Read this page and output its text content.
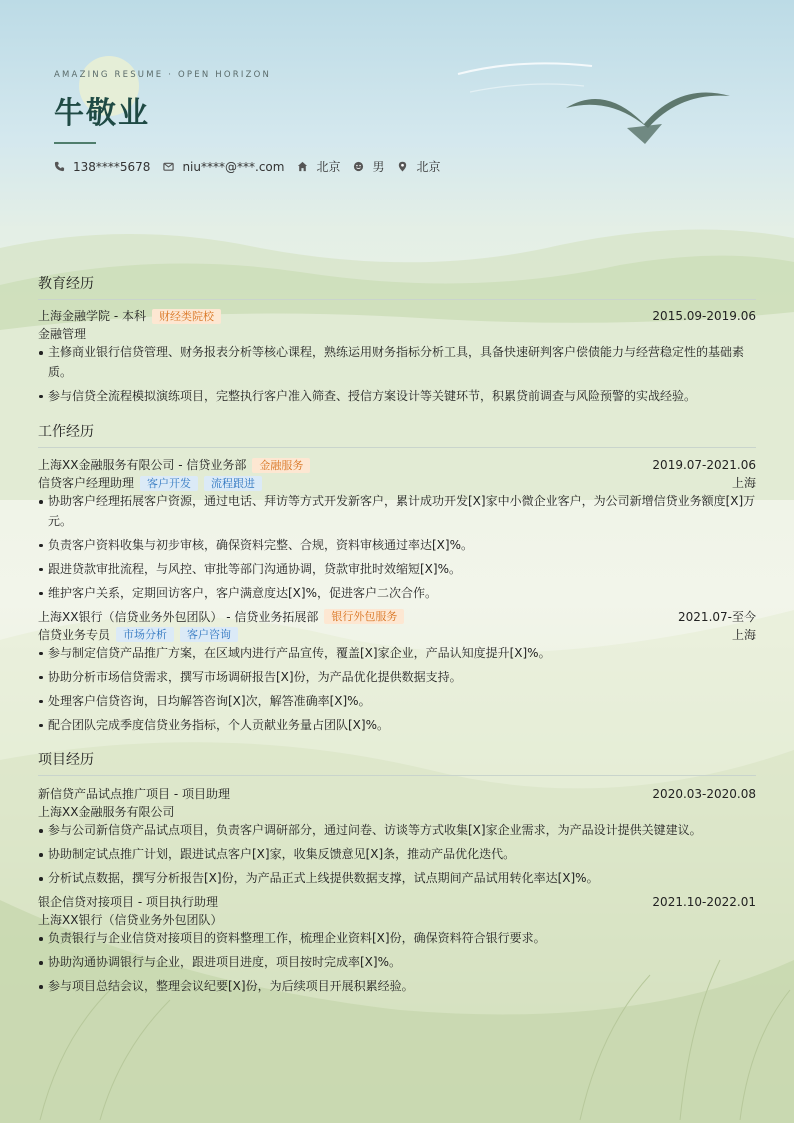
AMAZING RESUME · OPEN HORIZON
牛敬业
138****5678	niu****@***.com	北京	男	北京
教育经历
上海金融学院 - 本科	财经类院校	2015.09-2019.06
金融管理
主修商业银行信贷管理、财务报表分析等核心课程，熟练运用财务指标分析工具，具备快速研判客户偿债能力与经营稳定性的基础素质。
参与信贷全流程模拟演练项目，完整执行客户准入筛查、授信方案设计等关键环节，积累贷前调查与风险预警的实战经验。
工作经历
上海XX金融服务有限公司 - 信贷业务部	金融服务	2019.07-2021.06
信贷客户经理助理	客户开发	流程跟进	上海
协助客户经理拓展客户资源，通过电话、拜访等方式开发新客户，累计成功开发[X]家中小微企业客户，为公司新增信贷业务额度[X]万元。
负责客户资料收集与初步审核，确保资料完整、合规，资料审核通过率达[X]%。
跟进贷款审批流程，与风控、审批等部门沟通协调，贷款审批时效缩短[X]%。
维护客户关系，定期回访客户，客户满意度达[X]%，促进客户二次合作。
上海XX银行（信贷业务外包团队） - 信贷业务拓展部	银行外包服务	2021.07-至今
信贷业务专员	市场分析	客户咨询	上海
参与制定信贷产品推广方案，在区域内进行产品宣传，覆盖[X]家企业，产品认知度提升[X]%。
协助分析市场信贷需求，撰写市场调研报告[X]份，为产品优化提供数据支持。
处理客户信贷咨询，日均解答咨询[X]次，解答准确率[X]%。
配合团队完成季度信贷业务指标，个人贡献业务量占团队[X]%。
项目经历
新信贷产品试点推广项目 - 项目助理	2020.03-2020.08
上海XX金融服务有限公司
参与公司新信贷产品试点项目，负责客户调研部分，通过问卷、访谈等方式收集[X]家企业需求，为产品设计提供关键建议。
协助制定试点推广计划，跟进试点客户[X]家，收集反馈意见[X]条，推动产品优化迭代。
分析试点数据，撰写分析报告[X]份，为产品正式上线提供数据支撑，试点期间产品试用转化率达[X]%。
银企信贷对接项目 - 项目执行助理	2021.10-2022.01
上海XX银行（信贷业务外包团队）
负责银行与企业信贷对接项目的资料整理工作，梳理企业资料[X]份，确保资料符合银行要求。
协助沟通协调银行与企业，跟进项目进度，项目按时完成率[X]%。
参与项目总结会议，整理会议纪要[X]份，为后续项目开展积累经验。
